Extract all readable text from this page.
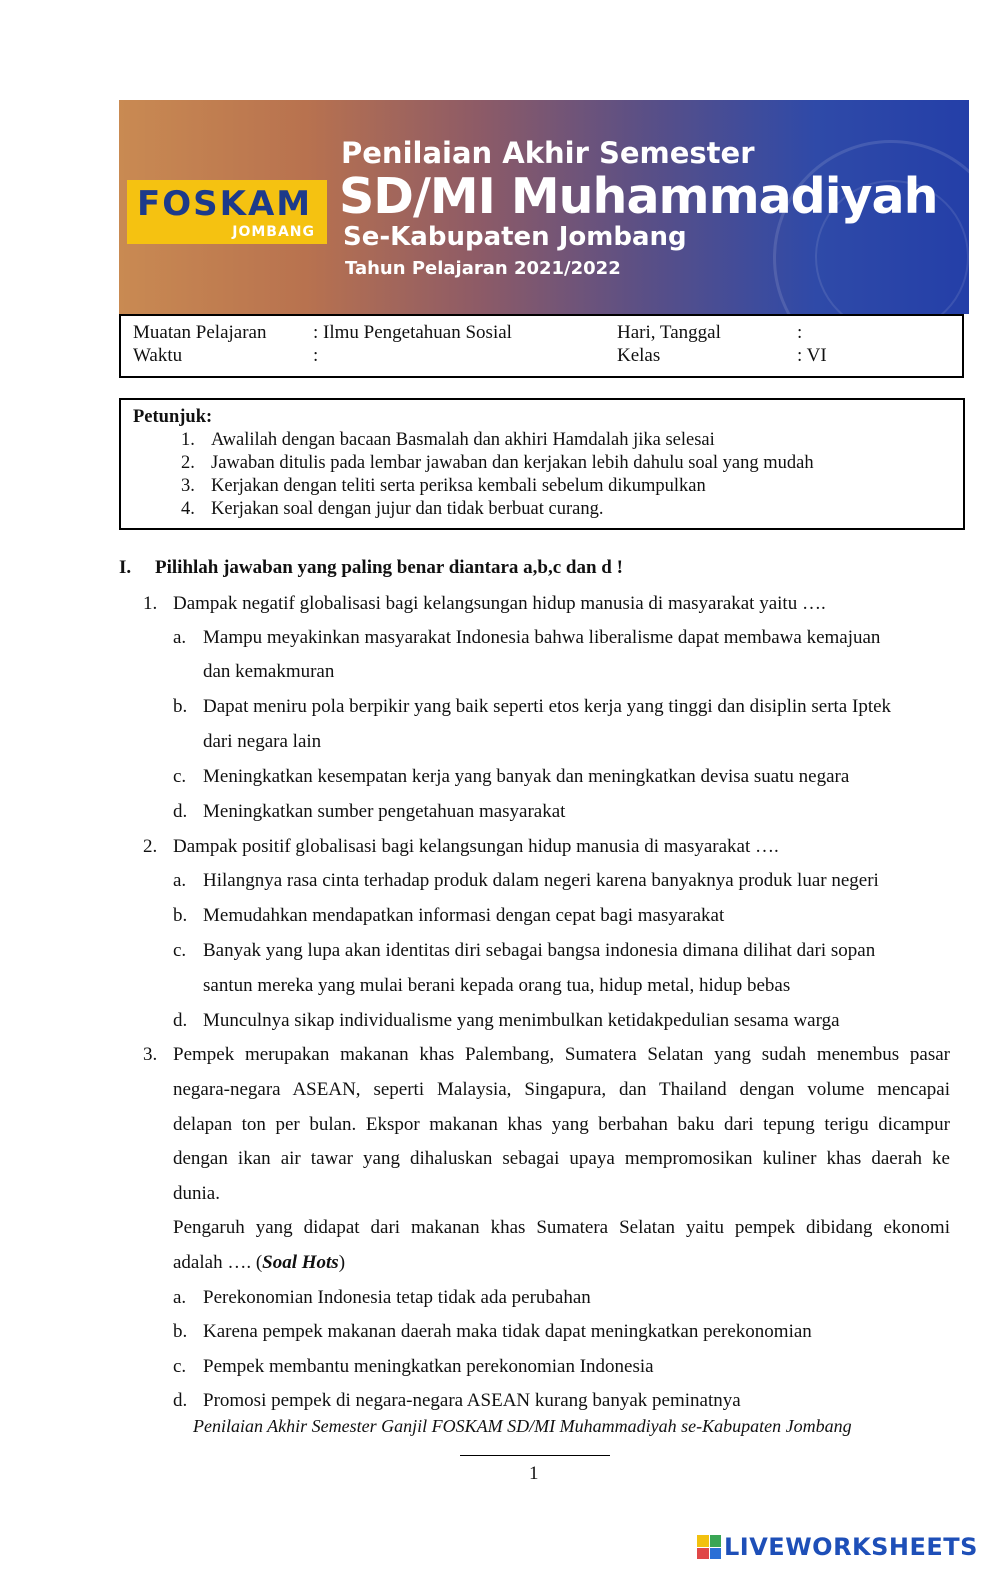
FOSKAM
JOMBANG
Penilaian Akhir Semester
SD/MI Muhammadiyah
Se-Kabupaten Jombang
Tahun Pelajaran 2021/2022
Muatan Pelajaran : Ilmu Pengetahuan Sosial	Hari, Tanggal	:
Waktu	:	Kelas	: VI
Petunjuk:
1. Awalilah dengan bacaan Basmalah dan akhiri Hamdalah jika selesai
2. Jawaban ditulis pada lembar jawaban dan kerjakan lebih dahulu soal yang mudah
3. Kerjakan dengan teliti serta periksa kembali sebelum dikumpulkan
4. Kerjakan soal dengan jujur dan tidak berbuat curang.
I. Pilihlah jawaban yang paling benar diantara a,b,c dan d !
1. Dampak negatif globalisasi bagi kelangsungan hidup manusia di masyarakat yaitu ….
a. Mampu meyakinkan masyarakat Indonesia bahwa liberalisme dapat membawa kemajuan
dan kemakmuran
b. Dapat meniru pola berpikir yang baik seperti etos kerja yang tinggi dan disiplin serta Iptek
dari negara lain
c. Meningkatkan kesempatan kerja yang banyak dan meningkatkan devisa suatu negara
d. Meningkatkan sumber pengetahuan masyarakat
2. Dampak positif globalisasi bagi kelangsungan hidup manusia di masyarakat ….
a. Hilangnya rasa cinta terhadap produk dalam negeri karena banyaknya produk luar negeri
b. Memudahkan mendapatkan informasi dengan cepat bagi masyarakat
c. Banyak yang lupa akan identitas diri sebagai bangsa indonesia dimana dilihat dari sopan
santun mereka yang mulai berani kepada orang tua, hidup metal, hidup bebas
d. Munculnya sikap individualisme yang menimbulkan ketidakpedulian sesama warga
3. Pempek merupakan makanan khas Palembang, Sumatera Selatan yang sudah menembus pasar
negara-negara ASEAN, seperti Malaysia, Singapura, dan Thailand dengan volume mencapai
delapan ton per bulan. Ekspor makanan khas yang berbahan baku dari tepung terigu dicampur
dengan ikan air tawar yang dihaluskan sebagai upaya mempromosikan kuliner khas daerah ke
dunia.
Pengaruh yang didapat dari makanan khas Sumatera Selatan yaitu pempek dibidang ekonomi
adalah …. (Soal Hots)
a. Perekonomian Indonesia tetap tidak ada perubahan
b. Karena pempek makanan daerah maka tidak dapat meningkatkan perekonomian
c. Pempek membantu meningkatkan perekonomian Indonesia
d. Promosi pempek di negara-negara ASEAN kurang banyak peminatnya
Penilaian Akhir Semester Ganjil FOSKAM SD/MI Muhammadiyah se-Kabupaten Jombang
1
LIVEWORKSHEETS
